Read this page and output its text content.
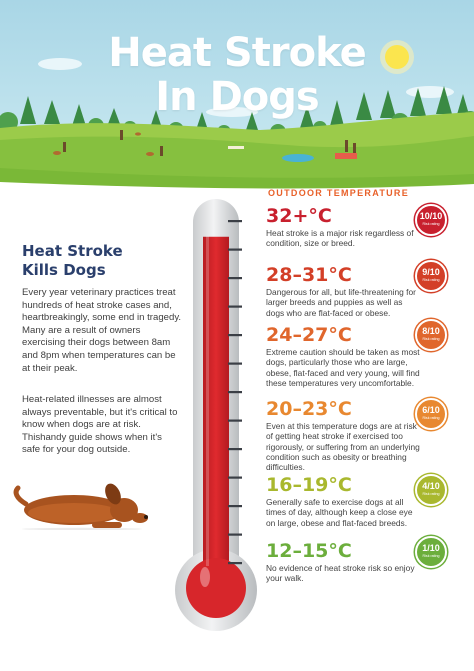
Heat Stroke
In Dogs
Heat Stroke
Kills Dogs
Every year veterinary practices treat hundreds of heat stroke cases and, heartbreakingly, some end in tragedy. Many are a result of owners exercising their dogs between 8am and 8pm when temperatures can be at their peak.
Heat-related illnesses are almost always preventable, but it's critical to know when dogs are at risk. Thishandy guide shows when it's safe for your dog outside.
OUTDOOR TEMPERATURE
32+°C
Heat stroke is a major risk regardless of condition, size or breed.
10/10
Risk rating
28–31°C
Dangerous for all, but life-threatening for larger breeds and puppies as well as dogs who are flat-faced or obese.
9/10
Risk rating
24–27°C
Extreme caution should be taken as most dogs, particularly those who are large, obese, flat-faced and very young, will find these temperatures very uncomfortable.
8/10
Risk rating
20–23°C
Even at this temperature dogs are at risk of getting heat stroke if exercised too rigorously, or suffering from an underlying condition such as obesity or breathing difficulties.
6/10
Risk rating
16–19°C
Generally safe to exercise dogs at all times of day, although keep a close eye on large, obese and flat-faced breeds.
4/10
Risk rating
12–15°C
No evidence of heat stroke risk so enjoy your walk.
1/10
Risk rating
